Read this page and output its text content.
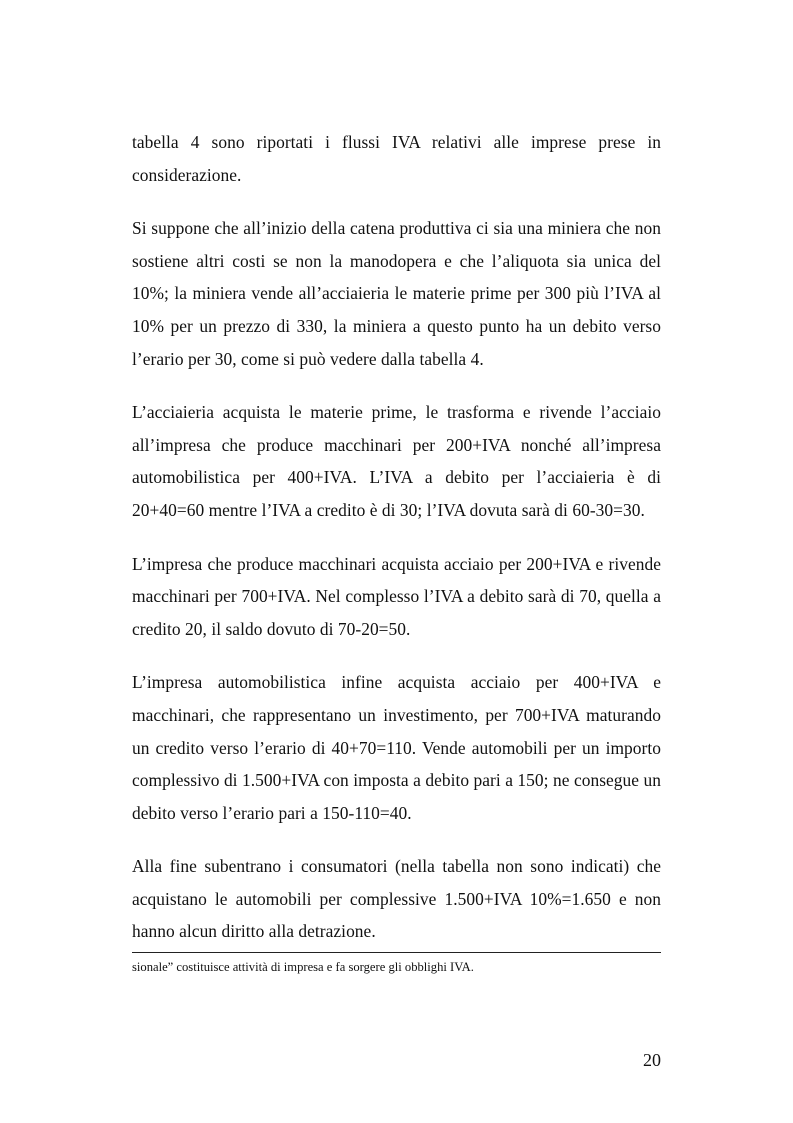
tabella 4 sono riportati i flussi IVA relativi alle imprese prese in considerazione.

Si suppone che all’inizio della catena produttiva ci sia una miniera che non sostiene altri costi se non la manodopera e che l’aliquota sia unica del 10%; la miniera vende all’acciaieria le materie prime per 300 più l’IVA al 10% per un prezzo di 330, la miniera a questo punto ha un debito verso l’erario per 30, come si può vedere dalla tabella 4.

L’acciaieria acquista le materie prime, le trasforma e rivende l’acciaio all’impresa che produce macchinari per 200+IVA nonché all’impresa automobilistica per 400+IVA. L’IVA a debito per l’acciaieria è di 20+40=60 mentre l’IVA a credito è di 30; l’IVA dovuta sarà di 60-30=30.

L’impresa che produce macchinari acquista acciaio per 200+IVA e rivende macchinari per 700+IVA. Nel complesso l’IVA a debito sarà di 70, quella a credito 20, il saldo dovuto di 70-20=50.

L’impresa automobilistica infine acquista acciaio per 400+IVA e macchinari, che rappresentano un investimento, per 700+IVA maturando un credito verso l’erario di 40+70=110. Vende automobili per un importo complessivo di 1.500+IVA con imposta a debito pari a 150; ne consegue un debito verso l’erario pari a 150-110=40.

Alla fine subentrano i consumatori (nella tabella non sono indicati) che acquistano le automobili per complessive 1.500+IVA 10%=1.650 e non hanno alcun diritto alla detrazione.

sionale” costituisce attività di impresa e fa sorgere gli obblighi IVA.

20
